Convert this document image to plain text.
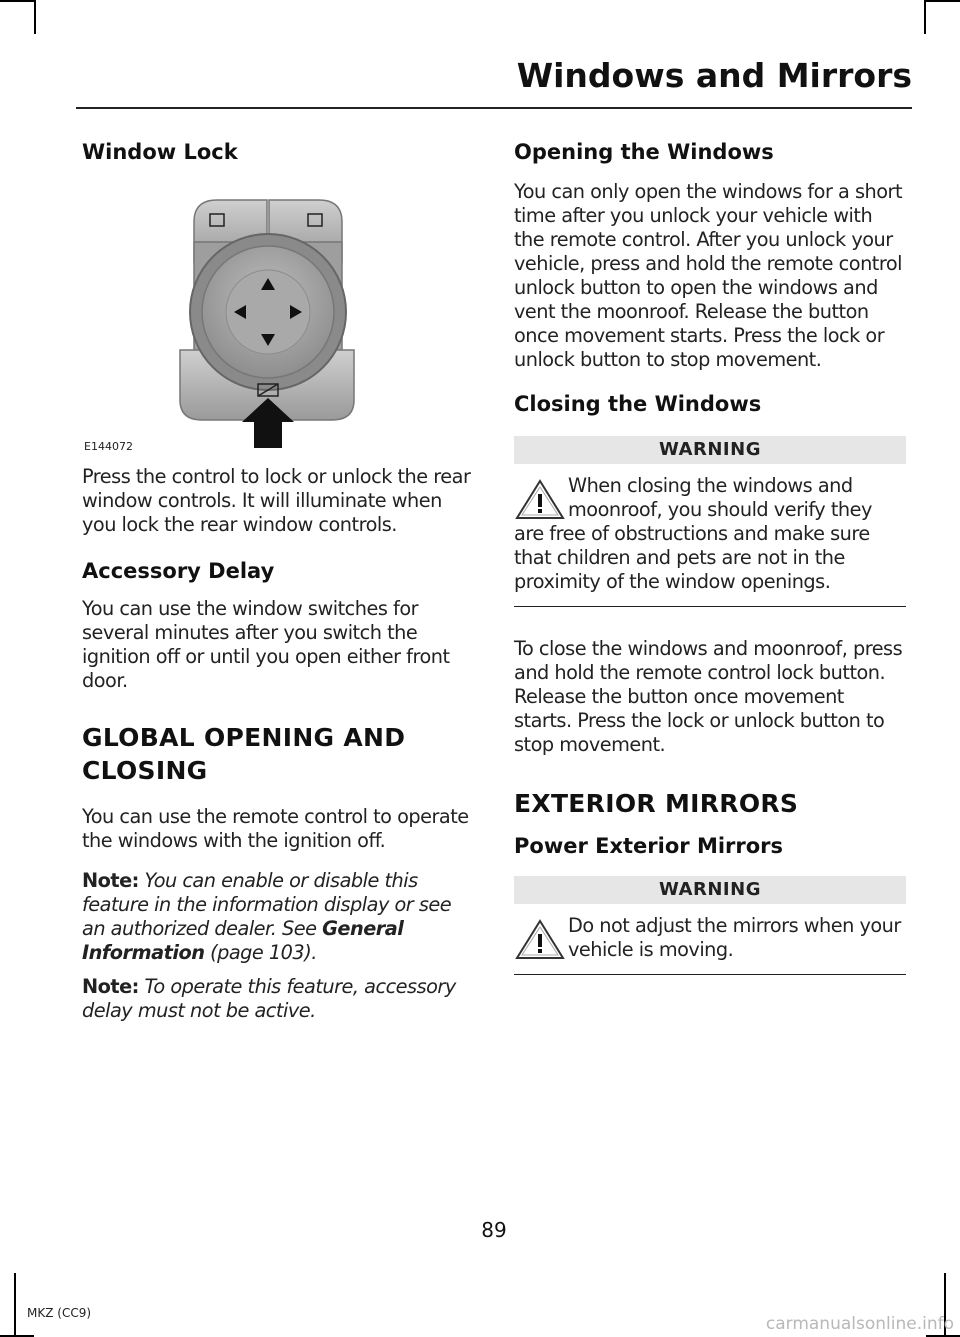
Windows and Mirrors
Window Lock
E144072

Press the control to lock or unlock the rear window controls. It will illuminate when you lock the rear window controls.

Accessory Delay

You can use the window switches for several minutes after you switch the ignition off or until you open either front door.

GLOBAL OPENING AND
CLOSING

You can use the remote control to operate the windows with the ignition off.

Note: You can enable or disable this feature in the information display or see an authorized dealer. See General Information (page 103).

Note: To operate this feature, accessory delay must not be active.

Opening the Windows

You can only open the windows for a short time after you unlock your vehicle with the remote control. After you unlock your vehicle, press and hold the remote control unlock button to open the windows and vent the moonroof. Release the button once movement starts. Press the lock or unlock button to stop movement.

Closing the Windows
WARNING
When closing the windows and moonroof, you should verify they are free of obstructions and make sure that children and pets are not in the proximity of the window openings.

To close the windows and moonroof, press and hold the remote control lock button. Release the button once movement starts. Press the lock or unlock button to stop movement.

EXTERIOR MIRRORS
Power Exterior Mirrors
WARNING
Do not adjust the mirrors when your vehicle is moving.
89
MKZ (CC9)
carmanualsonline.info
